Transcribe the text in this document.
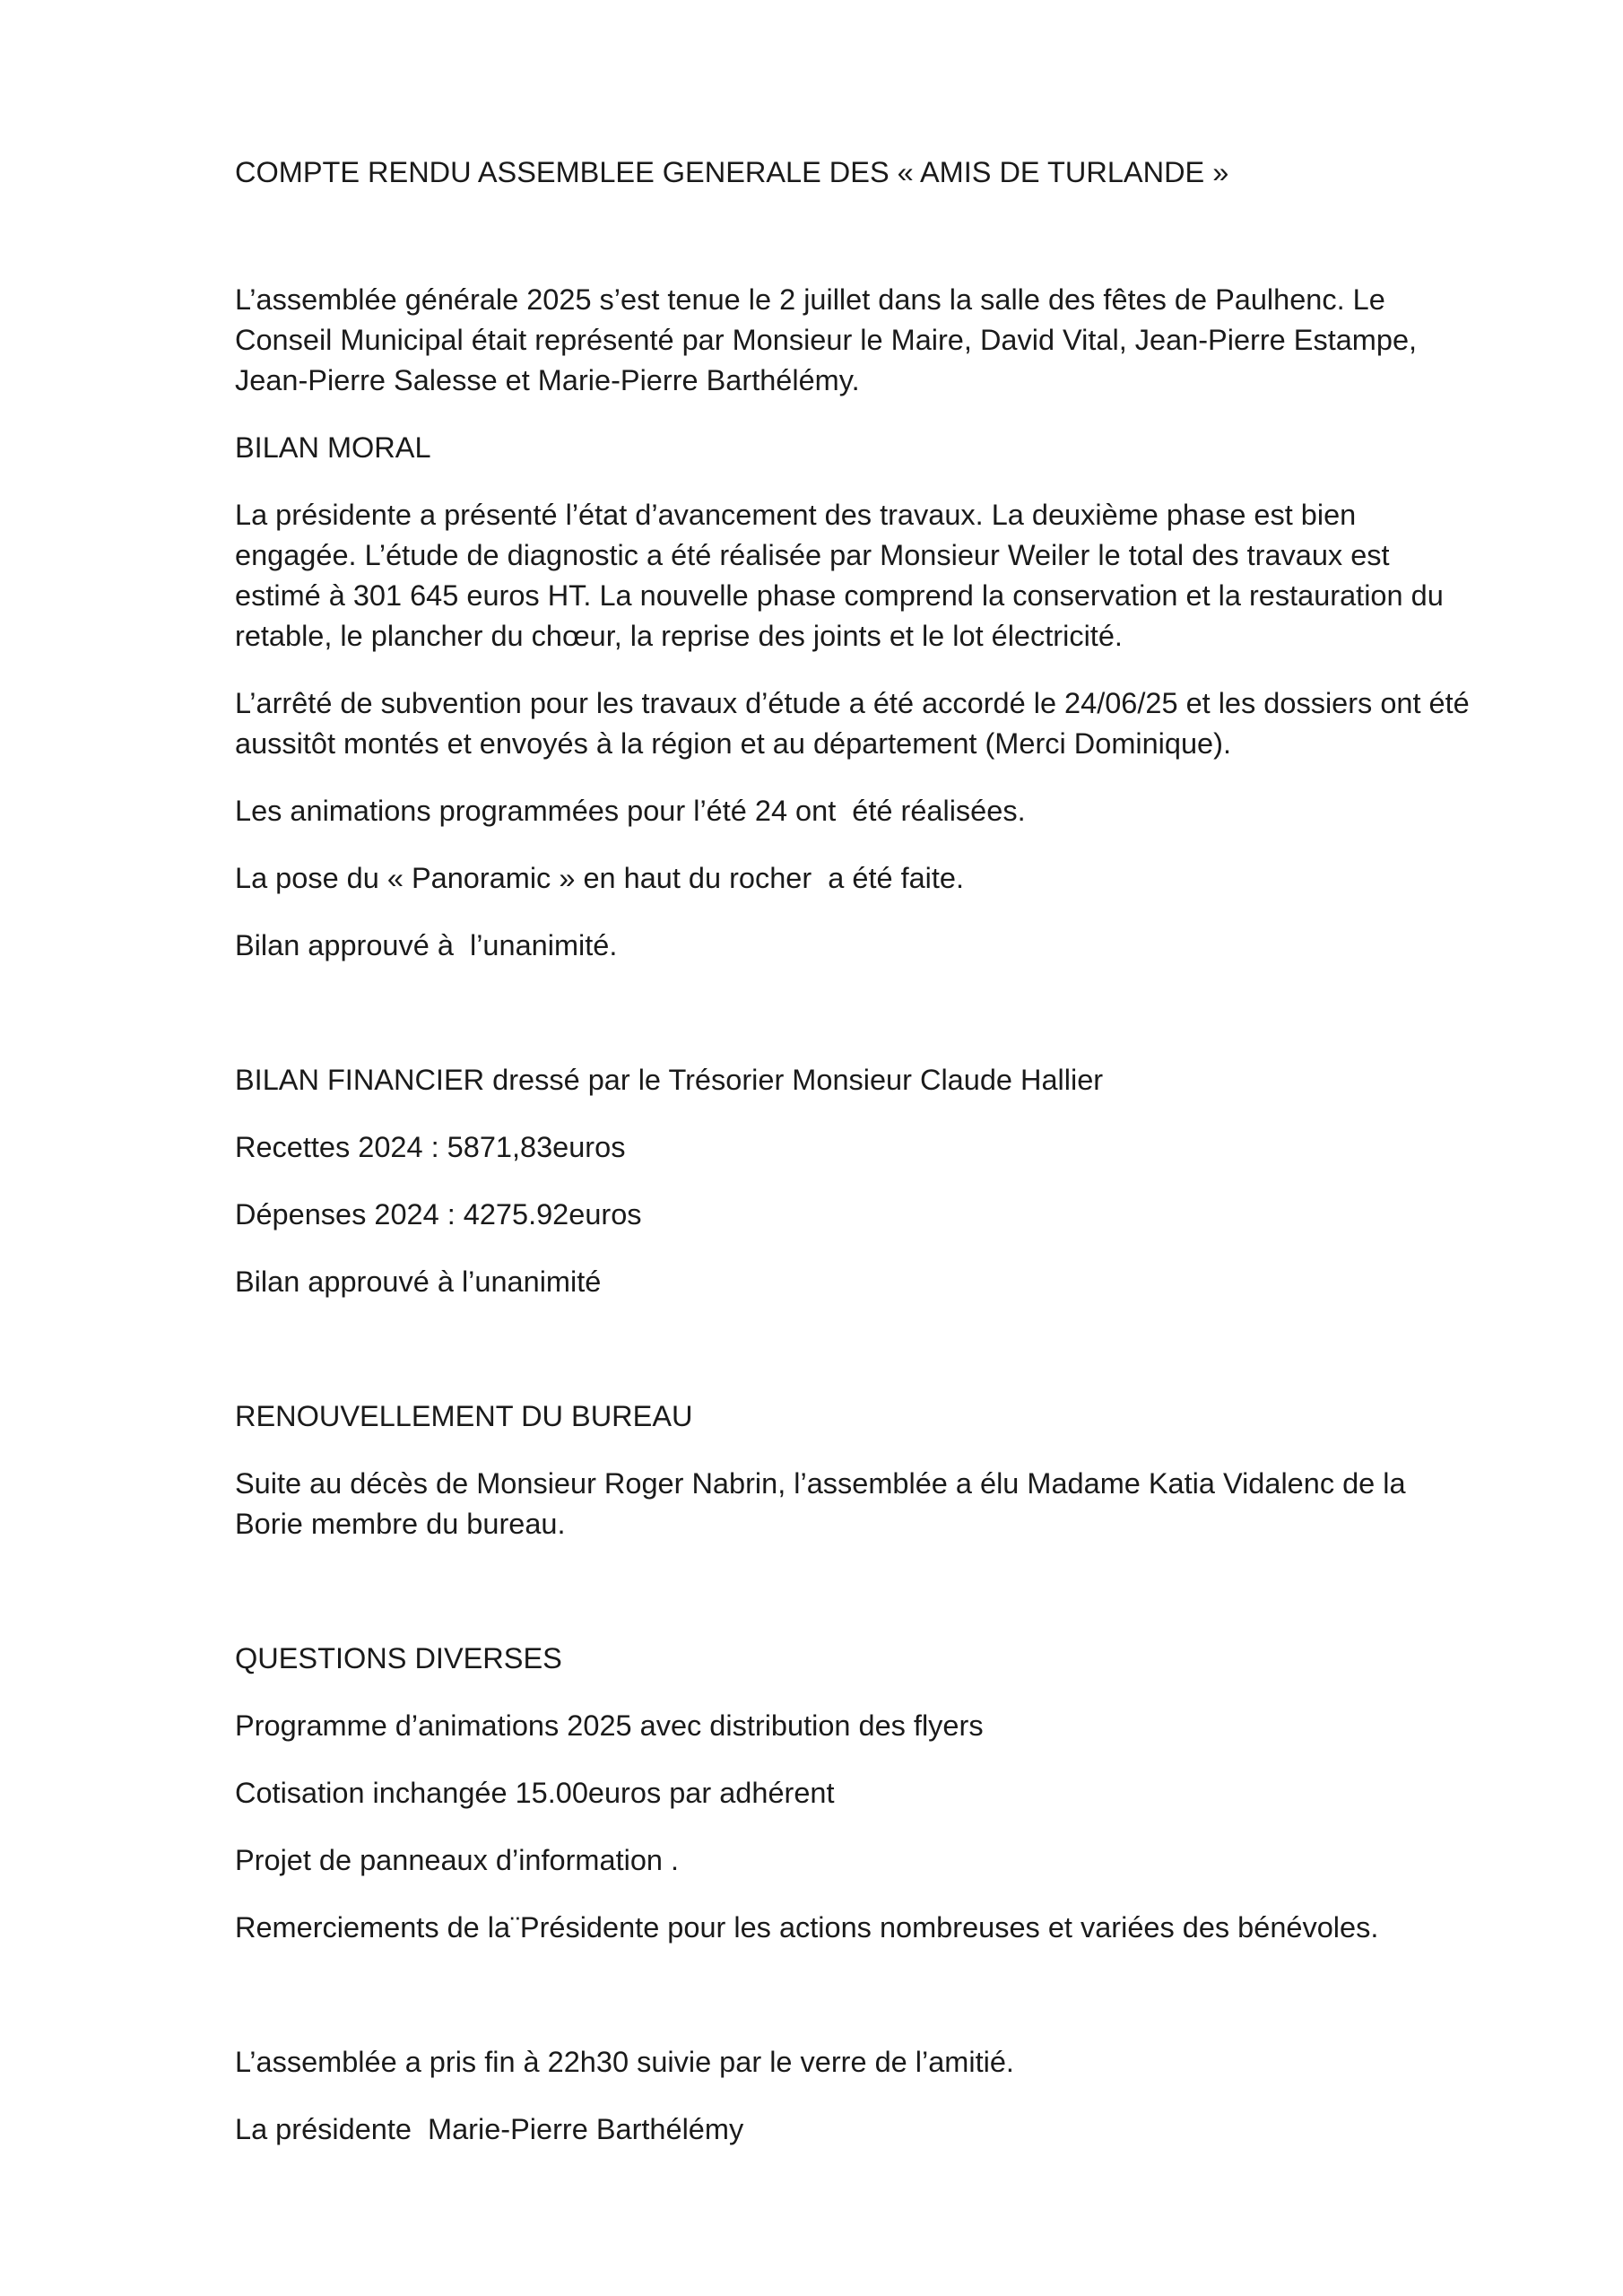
COMPTE RENDU ASSEMBLEE GENERALE DES « AMIS DE TURLANDE »
L’assemblée générale 2025 s’est tenue le 2 juillet dans la salle des fêtes de Paulhenc. Le
Conseil Municipal était représenté par Monsieur le Maire, David Vital, Jean-Pierre Estampe,
Jean-Pierre Salesse et Marie-Pierre Barthélémy.
BILAN MORAL
La présidente a présenté l’état d’avancement des travaux. La deuxième phase est bien
engagée. L’étude de diagnostic a été réalisée par Monsieur Weiler le total des travaux est
estimé à 301 645 euros HT. La nouvelle phase comprend la conservation et la restauration du
retable, le plancher du chœur, la reprise des joints et le lot électricité.
L’arrêté de subvention pour les travaux d’étude a été accordé le 24/06/25 et les dossiers ont été
aussitôt montés et envoyés à la région et au département (Merci Dominique).
Les animations programmées pour l’été 24 ont  été réalisées.
La pose du « Panoramic » en haut du rocher  a été faite.
Bilan approuvé à  l’unanimité.
BILAN FINANCIER dressé par le Trésorier Monsieur Claude Hallier
Recettes 2024 : 5871,83euros
Dépenses 2024 : 4275.92euros
Bilan approuvé à l’unanimité
RENOUVELLEMENT DU BUREAU
Suite au décès de Monsieur Roger Nabrin, l’assemblée a élu Madame Katia Vidalenc de la
Borie membre du bureau.
QUESTIONS DIVERSES
Programme d’animations 2025 avec distribution des flyers
Cotisation inchangée 15.00euros par adhérent
Projet de panneaux d’information .
Remerciements de la¨Présidente pour les actions nombreuses et variées des bénévoles.
L’assemblée a pris fin à 22h30 suivie par le verre de l’amitié.
La présidente  Marie-Pierre Barthélémy
